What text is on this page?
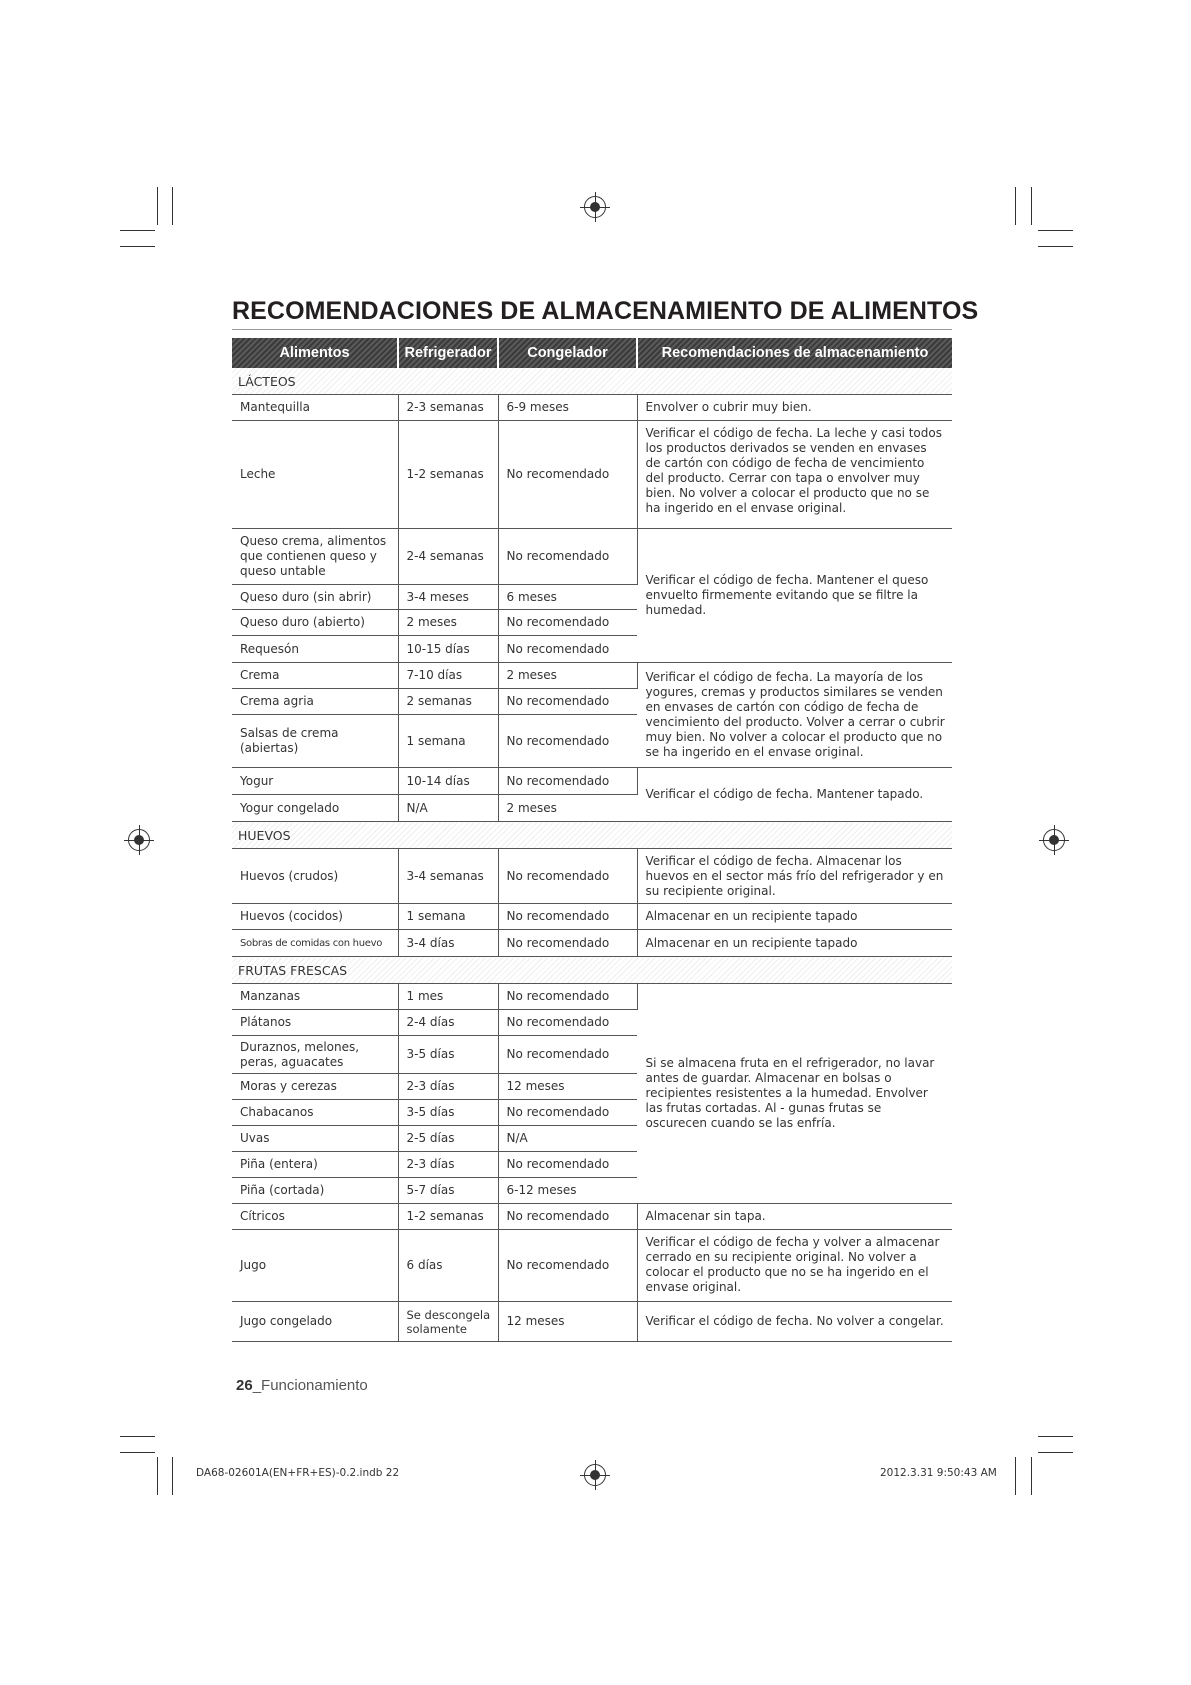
RECOMENDACIONES DE ALMACENAMIENTO DE ALIMENTOS
Alimentos	Refrigerador	Congelador	Recomendaciones de almacenamiento
LÁCTEOS			
Mantequilla	2-3 semanas	6-9 meses	Envolver o cubrir muy bien.
Leche	1-2 semanas	No recomendado	Verificar el código de fecha. La leche y casi todos los productos derivados se venden en envases de cartón con código de fecha de vencimiento del producto. Cerrar con tapa o envolver muy bien. No volver a colocar el producto que no se ha ingerido en el envase original.
Queso crema, alimentos que contienen queso y queso untable	2-4 semanas	No recomendado	Verificar el código de fecha. Mantener el queso envuelto firmemente evitando que se filtre la humedad.
Queso duro (sin abrir)	3-4 meses	6 meses	
Queso duro (abierto)	2 meses	No recomendado	
Requesón	10-15 días	No recomendado	
Crema	7-10 días	2 meses	Verificar el código de fecha. La mayoría de los yogures, cremas y productos similares se venden en envases de cartón con código de fecha de vencimiento del producto. Volver a cerrar o cubrir muy bien. No volver a colocar el producto que no se ha ingerido en el envase original.
Crema agria	2 semanas	No recomendado	
Salsas de crema (abiertas)	1 semana	No recomendado	
Yogur	10-14 días	No recomendado	Verificar el código de fecha. Mantener tapado.
Yogur congelado	N/A	2 meses	
HUEVOS			
Huevos (crudos)	3-4 semanas	No recomendado	Verificar el código de fecha. Almacenar los huevos en el sector más frío del refrigerador y en su recipiente original.
Huevos (cocidos)	1 semana	No recomendado	Almacenar en un recipiente tapado
Sobras de comidas con huevo	3-4 días	No recomendado	Almacenar en un recipiente tapado
FRUTAS FRESCAS			
Manzanas	1 mes	No recomendado	Si se almacena fruta en el refrigerador, no lavar antes de guardar. Almacenar en bolsas o recipientes resistentes a la humedad. Envolver las frutas cortadas. Al - gunas frutas se oscurecen cuando se las enfría.
Plátanos	2-4 días	No recomendado	
Duraznos, melones, peras, aguacates	3-5 días	No recomendado	
Moras y cerezas	2-3 días	12 meses	
Chabacanos	3-5 días	No recomendado	
Uvas	2-5 días	N/A	
Piña (entera)	2-3 días	No recomendado	
Piña (cortada)	5-7 días	6-12 meses	
Cítricos	1-2 semanas	No recomendado	Almacenar sin tapa.
Jugo	6 días	No recomendado	Verificar el código de fecha y volver a almacenar cerrado en su recipiente original. No volver a colocar el producto que no se ha ingerido en el envase original.
Jugo congelado	Se descongela solamente	12 meses	Verificar el código de fecha. No volver a congelar.
26_Funcionamiento
DA68-02601A(EN+FR+ES)-0.2.indb 22	2012.3.31 9:50:43 AM
